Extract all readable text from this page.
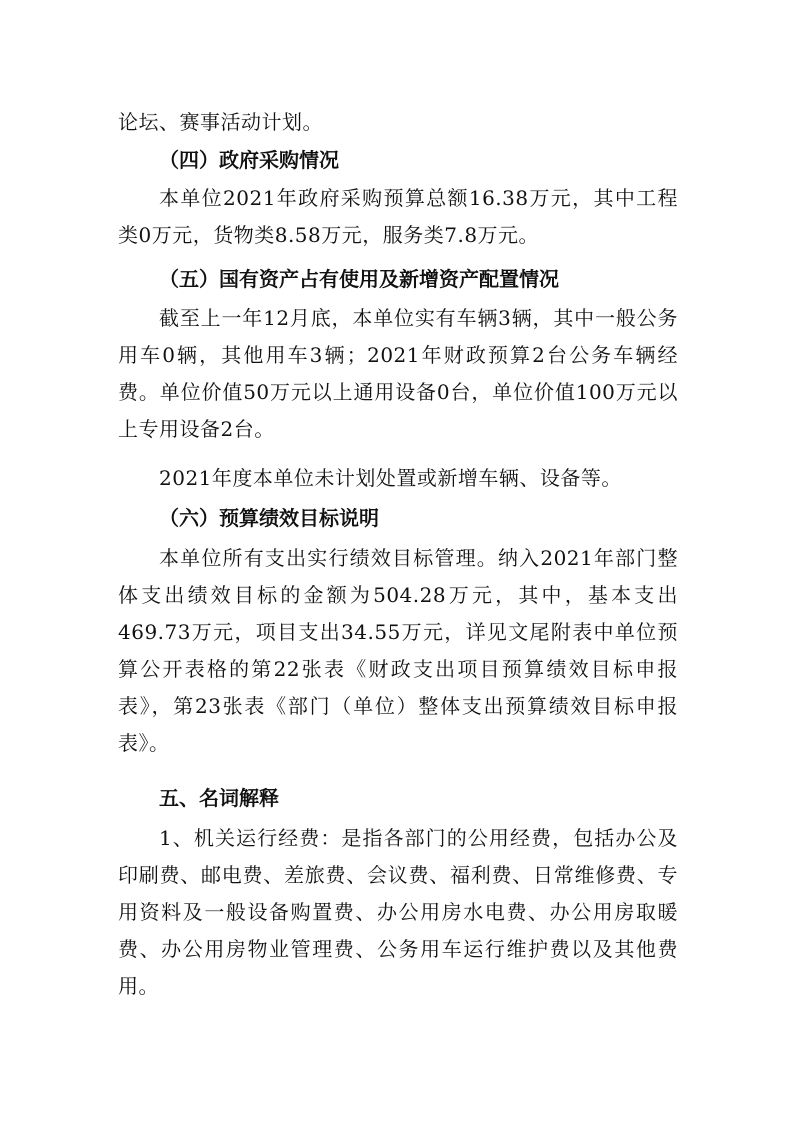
论坛、赛事活动计划。

（四）政府采购情况

本单位2021年政府采购预算总额16.38万元，其中工程类0万元，货物类8.58万元，服务类7.8万元。

（五）国有资产占有使用及新增资产配置情况

截至上一年12月底，本单位实有车辆3辆，其中一般公务用车0辆，其他用车3辆；2021年财政预算2台公务车辆经费。单位价值50万元以上通用设备0台，单位价值100万元以上专用设备2台。

2021年度本单位未计划处置或新增车辆、设备等。

（六）预算绩效目标说明

本单位所有支出实行绩效目标管理。纳入2021年部门整体支出绩效目标的金额为504.28万元，其中，基本支出469.73万元，项目支出34.55万元，详见文尾附表中单位预算公开表格的第22张表《财政支出项目预算绩效目标申报表》，第23张表《部门（单位）整体支出预算绩效目标申报表》。

五、名词解释

1、机关运行经费：是指各部门的公用经费，包括办公及印刷费、邮电费、差旅费、会议费、福利费、日常维修费、专用资料及一般设备购置费、办公用房水电费、办公用房取暖费、办公用房物业管理费、公务用车运行维护费以及其他费用。
